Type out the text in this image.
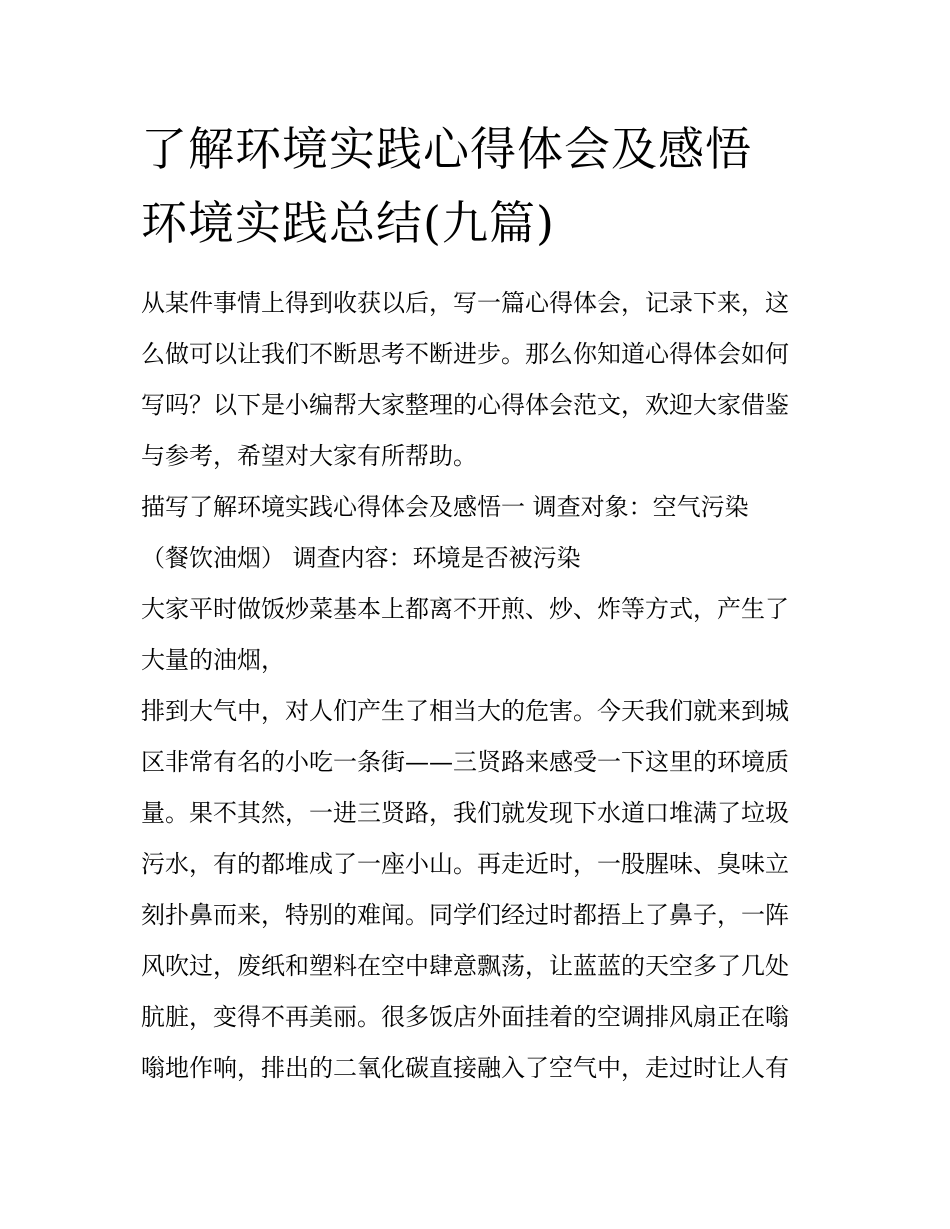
了解环境实践心得体会及感悟
环境实践总结(九篇)

从某件事情上得到收获以后，写一篇心得体会，记录下来，这
么做可以让我们不断思考不断进步。那么你知道心得体会如何
写吗？以下是小编帮大家整理的心得体会范文，欢迎大家借鉴
与参考，希望对大家有所帮助。

描写了解环境实践心得体会及感悟一 调查对象：空气污染
（餐饮油烟） 调查内容：环境是否被污染

大家平时做饭炒菜基本上都离不开煎、炒、炸等方式，产生了
大量的油烟，

排到大气中，对人们产生了相当大的危害。今天我们就来到城
区非常有名的小吃一条街——三贤路来感受一下这里的环境质
量。果不其然，一进三贤路，我们就发现下水道口堆满了垃圾
污水，有的都堆成了一座小山。再走近时，一股腥味、臭味立
刻扑鼻而来，特别的难闻。同学们经过时都捂上了鼻子，一阵
风吹过，废纸和塑料在空中肆意飘荡，让蓝蓝的天空多了几处
肮脏，变得不再美丽。很多饭店外面挂着的空调排风扇正在嗡
嗡地作响，排出的二氧化碳直接融入了空气中，走过时让人有
